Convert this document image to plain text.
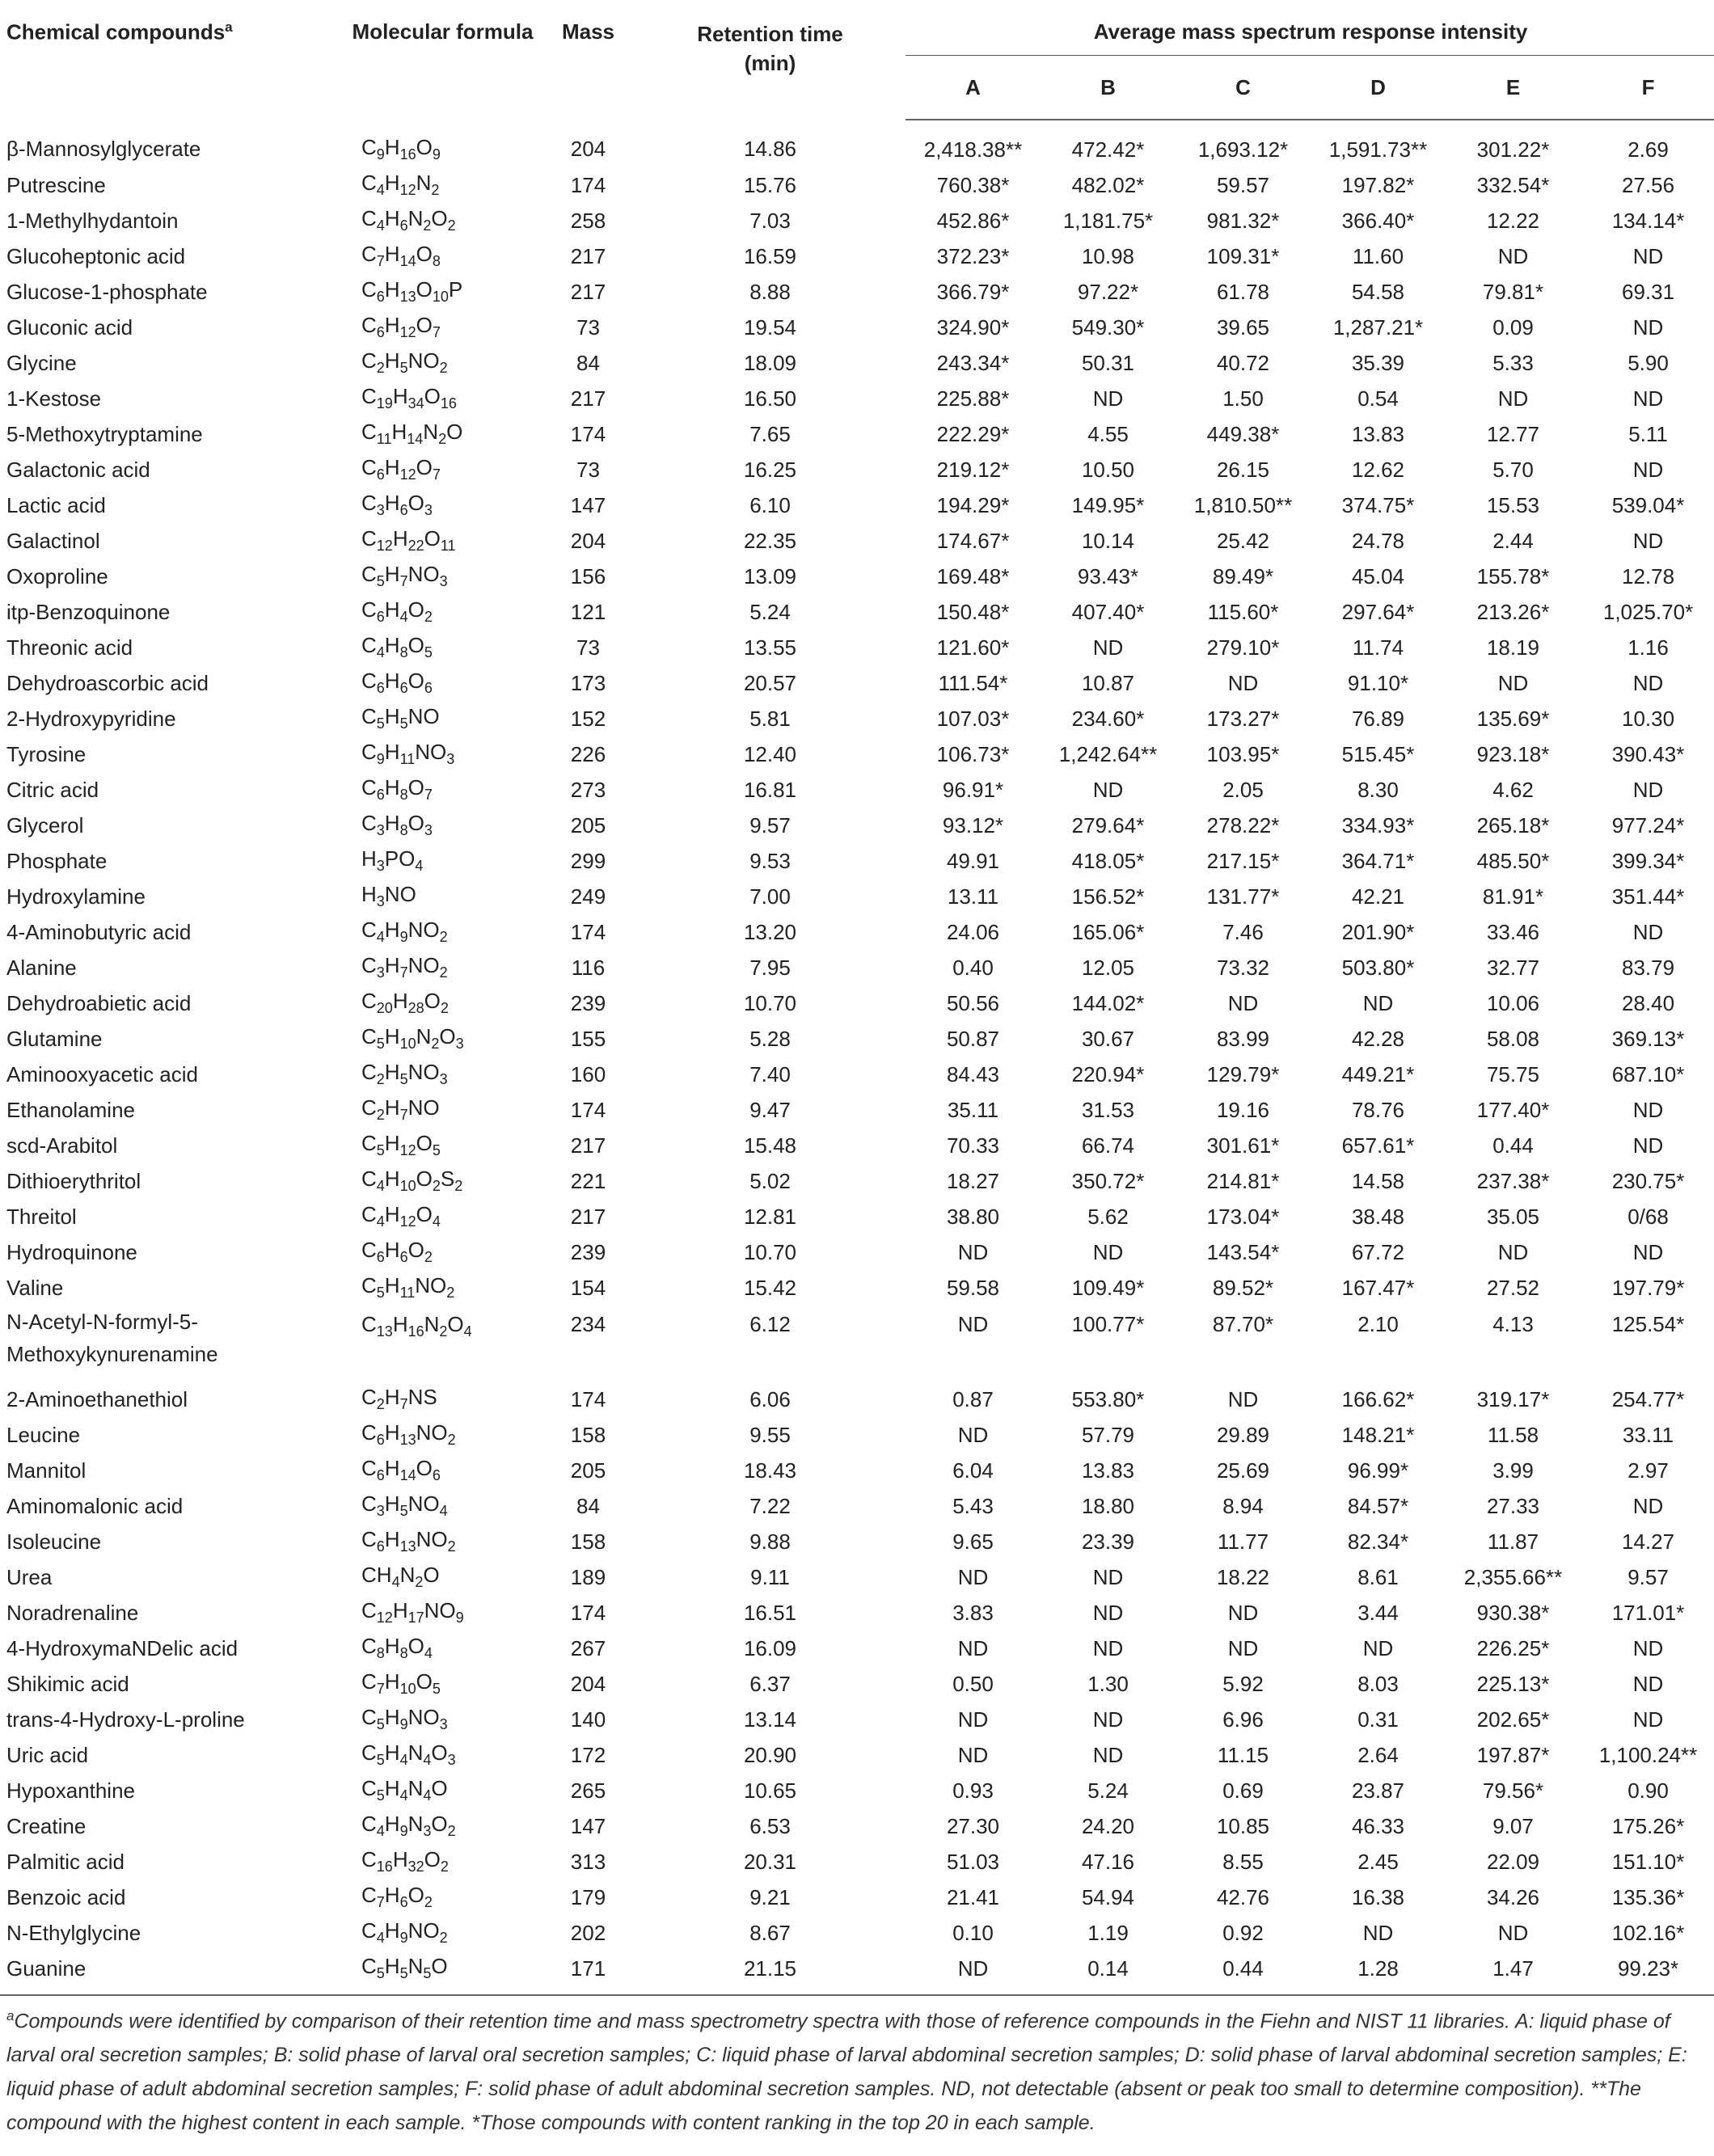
Chemical compounds$^a$	Molecular formula	Mass	Retention time
(min)	Average mass spectrum response intensity					
				A	B	C	D	E	F
β-Mannosylglycerate	$C_9H_{16}O_9$	204	14.86	2,418.38**	472.42*	1,693.12*	1,591.73**	301.22*	2.69
Putrescine	$C_4H_{12}N_2$	174	15.76	760.38*	482.02*	59.57	197.82*	332.54*	27.56
1-Methylhydantoin	$C_4H_6N_2O_2$	258	7.03	452.86*	1,181.75*	981.32*	366.40*	12.22	134.14*
Glucoheptonic acid	$C_7H_{14}O_8$	217	16.59	372.23*	10.98	109.31*	11.60	ND	ND
Glucose-1-phosphate	$C_6H_{13}O_{10}P$	217	8.88	366.79*	97.22*	61.78	54.58	79.81*	69.31
Gluconic acid	$C_6H_{12}O_7$	73	19.54	324.90*	549.30*	39.65	1,287.21*	0.09	ND
Glycine	$C_2H_5NO_2$	84	18.09	243.34*	50.31	40.72	35.39	5.33	5.90
1-Kestose	$C_{19}H_{34}O_{16}$	217	16.50	225.88*	ND	1.50	0.54	ND	ND
5-Methoxytryptamine	$C_{11}H_{14}N_2O$	174	7.65	222.29*	4.55	449.38*	13.83	12.77	5.11
Galactonic acid	$C_6H_{12}O_7$	73	16.25	219.12*	10.50	26.15	12.62	5.70	ND
Lactic acid	$C_3H_6O_3$	147	6.10	194.29*	149.95*	1,810.50**	374.75*	15.53	539.04*
Galactinol	$C_{12}H_{22}O_{11}$	204	22.35	174.67*	10.14	25.42	24.78	2.44	ND
Oxoproline	$C_5H_7NO_3$	156	13.09	169.48*	93.43*	89.49*	45.04	155.78*	12.78
itp-Benzoquinone	$C_6H_4O_2$	121	5.24	150.48*	407.40*	115.60*	297.64*	213.26*	1,025.70*
Threonic acid	$C_4H_8O_5$	73	13.55	121.60*	ND	279.10*	11.74	18.19	1.16
Dehydroascorbic acid	$C_6H_6O_6$	173	20.57	111.54*	10.87	ND	91.10*	ND	ND
2-Hydroxypyridine	$C_5H_5NO$	152	5.81	107.03*	234.60*	173.27*	76.89	135.69*	10.30
Tyrosine	$C_9H_{11}NO_3$	226	12.40	106.73*	1,242.64**	103.95*	515.45*	923.18*	390.43*
Citric acid	$C_6H_8O_7$	273	16.81	96.91*	ND	2.05	8.30	4.62	ND
Glycerol	$C_3H_8O_3$	205	9.57	93.12*	279.64*	278.22*	334.93*	265.18*	977.24*
Phosphate	$H_3PO_4$	299	9.53	49.91	418.05*	217.15*	364.71*	485.50*	399.34*
Hydroxylamine	$H_3NO$	249	7.00	13.11	156.52*	131.77*	42.21	81.91*	351.44*
4-Aminobutyric acid	$C_4H_9NO_2$	174	13.20	24.06	165.06*	7.46	201.90*	33.46	ND
Alanine	$C_3H_7NO_2$	116	7.95	0.40	12.05	73.32	503.80*	32.77	83.79
Dehydroabietic acid	$C_{20}H_{28}O_2$	239	10.70	50.56	144.02*	ND	ND	10.06	28.40
Glutamine	$C_5H_{10}N_2O_3$	155	5.28	50.87	30.67	83.99	42.28	58.08	369.13*
Aminooxyacetic acid	$C_2H_5NO_3$	160	7.40	84.43	220.94*	129.79*	449.21*	75.75	687.10*
Ethanolamine	$C_2H_7NO$	174	9.47	35.11	31.53	19.16	78.76	177.40*	ND
scd-Arabitol	$C_5H_{12}O_5$	217	15.48	70.33	66.74	301.61*	657.61*	0.44	ND
Dithioerythritol	$C_4H_{10}O_2S_2$	221	5.02	18.27	350.72*	214.81*	14.58	237.38*	230.75*
Threitol	$C_4H_{12}O_4$	217	12.81	38.80	5.62	173.04*	38.48	35.05	0/68
Hydroquinone	$C_6H_6O_2$	239	10.70	ND	ND	143.54*	67.72	ND	ND
Valine	$C_5H_{11}NO_2$	154	15.42	59.58	109.49*	89.52*	167.47*	27.52	197.79*
N-Acetyl-N-formyl-5-Methoxykynurenamine	$C_{13}H_{16}N_2O_4$	234	6.12	ND	100.77*	87.70*	2.10	4.13	125.54*
2-Aminoethanethiol	$C_2H_7NS$	174	6.06	0.87	553.80*	ND	166.62*	319.17*	254.77*
Leucine	$C_6H_{13}NO_2$	158	9.55	ND	57.79	29.89	148.21*	11.58	33.11
Mannitol	$C_6H_{14}O_6$	205	18.43	6.04	13.83	25.69	96.99*	3.99	2.97
Aminomalonic acid	$C_3H_5NO_4$	84	7.22	5.43	18.80	8.94	84.57*	27.33	ND
Isoleucine	$C_6H_{13}NO_2$	158	9.88	9.65	23.39	11.77	82.34*	11.87	14.27
Urea	$CH_4N_2O$	189	9.11	ND	ND	18.22	8.61	2,355.66**	9.57
Noradrenaline	$C_{12}H_{17}NO_9$	174	16.51	3.83	ND	ND	3.44	930.38*	171.01*
4-HydroxymaNDelic acid	$C_8H_8O_4$	267	16.09	ND	ND	ND	ND	226.25*	ND
Shikimic acid	$C_7H_{10}O_5$	204	6.37	0.50	1.30	5.92	8.03	225.13*	ND
trans-4-Hydroxy-L-proline	$C_5H_9NO_3$	140	13.14	ND	ND	6.96	0.31	202.65*	ND
Uric acid	$C_5H_4N_4O_3$	172	20.90	ND	ND	11.15	2.64	197.87*	1,100.24**
Hypoxanthine	$C_5H_4N_4O$	265	10.65	0.93	5.24	0.69	23.87	79.56*	0.90
Creatine	$C_4H_9N_3O_2$	147	6.53	27.30	24.20	10.85	46.33	9.07	175.26*
Palmitic acid	$C_{16}H_{32}O_2$	313	20.31	51.03	47.16	8.55	2.45	22.09	151.10*
Benzoic acid	$C_7H_6O_2$	179	9.21	21.41	54.94	42.76	16.38	34.26	135.36*
N-Ethylglycine	$C_4H_9NO_2$	202	8.67	0.10	1.19	0.92	ND	ND	102.16*
Guanine	$C_5H_5N_5O$	171	21.15	ND	0.14	0.44	1.28	1.47	99.23*
$^a$Compounds were identified by comparison of their retention time and mass spectrometry spectra with those of reference compounds in the Fiehn and NIST 11 libraries. A: liquid phase of larval oral secretion samples; B: solid phase of larval oral secretion samples; C: liquid phase of larval abdominal secretion samples; D: solid phase of larval abdominal secretion samples; E: liquid phase of adult abdominal secretion samples; F: solid phase of adult abdominal secretion samples. ND, not detectable (absent or peak too small to determine composition). **The compound with the highest content in each sample. *Those compounds with content ranking in the top 20 in each sample.
